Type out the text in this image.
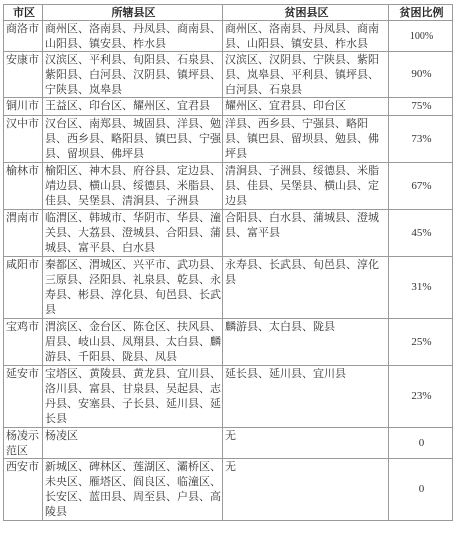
市区	所辖县区	贫困县区	贫困比例
商洛市	商州区、洛南县、丹凤县、商南县、山阳县、镇安县、柞水县	商州区、洛南县、丹凤县、商南县、山阳县、镇安县、柞水县	100%
安康市	汉滨区、平利县、旬阳县、石泉县、紫阳县、白河县、汉阴县、镇坪县、宁陕县、岚皋县	汉滨区、汉阴县、宁陕县、紫阳县、岚皋县、平利县、镇坪县、白河县、石泉县	90%
铜川市	王益区、印台区、耀州区、宜君县	耀州区、宜君县、印台区	75%
汉中市	汉台区、南郑县、城固县、洋县、勉县、西乡县、略阳县、镇巴县、宁强县、留坝县、佛坪县	洋县、西乡县、宁强县、略阳县、镇巴县、留坝县、勉县、佛坪县	73%
榆林市	榆阳区、神木县、府谷县、定边县、靖边县、横山县、绥德县、米脂县、佳县、吴堡县、清涧县、子洲县	清涧县、子洲县、绥德县、米脂县、佳县、吴堡县、横山县、定边县	67%
渭南市	临渭区、韩城市、华阴市、华县、潼关县、大荔县、澄城县、合阳县、蒲城县、富平县、白水县	合阳县、白水县、蒲城县、澄城县、富平县	45%
咸阳市	秦都区、渭城区、兴平市、武功县、三原县、泾阳县、礼泉县、乾县、永寿县、彬县、淳化县、旬邑县、长武县	永寿县、长武县、旬邑县、淳化县	31%
宝鸡市	渭滨区、金台区、陈仓区、扶风县、眉县、岐山县、凤翔县、太白县、麟游县、千阳县、陇县、凤县	麟游县、太白县、陇县	25%
延安市	宝塔区、黄陵县、黄龙县、宜川县、洛川县、富县、甘泉县、吴起县、志丹县、安塞县、子长县、延川县、延长县	延长县、延川县、宜川县	23%
杨凌示范区	杨凌区	无	0
西安市	新城区、碑林区、莲湖区、灞桥区、未央区、雁塔区、阎良区、临潼区、长安区、蓝田县、周至县、户县、高陵县	无	0
